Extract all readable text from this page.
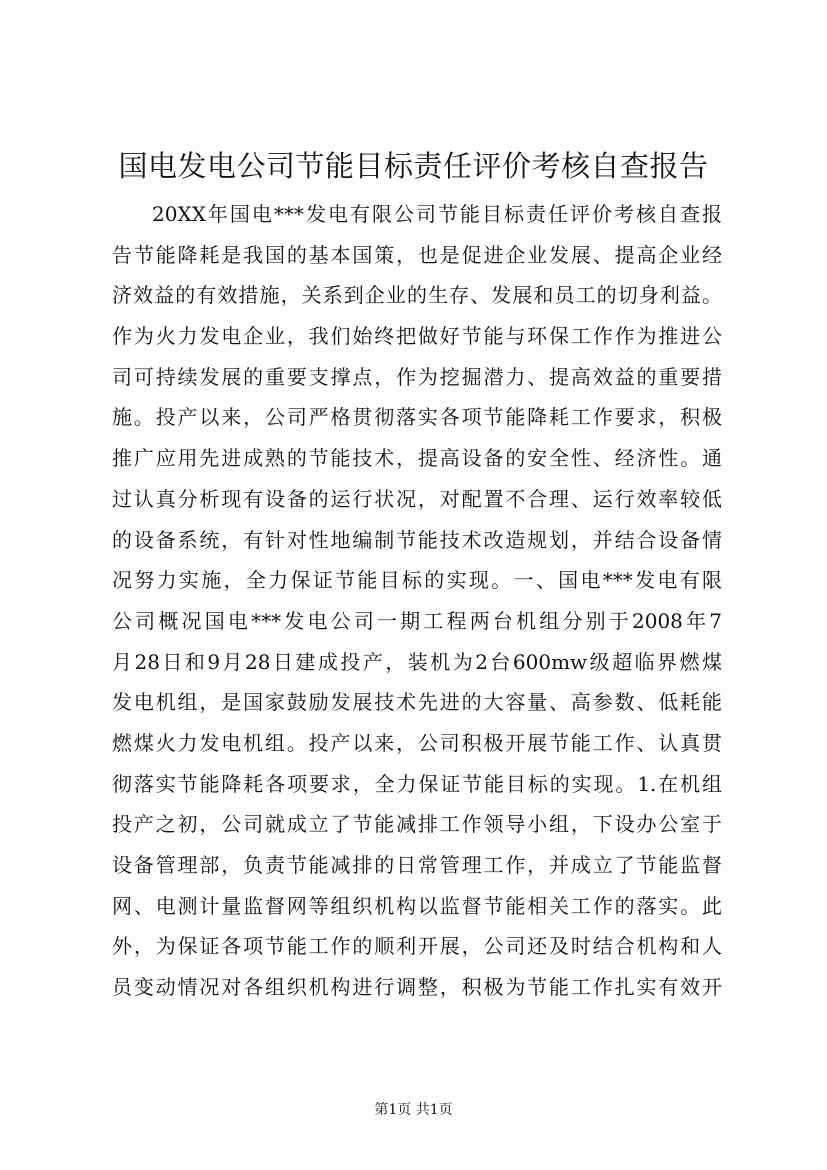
国电发电公司节能目标责任评价考核自查报告
20XX年国电***发电有限公司节能目标责任评价考核自查报
告节能降耗是我国的基本国策，也是促进企业发展、提高企业经
济效益的有效措施，关系到企业的生存、发展和员工的切身利益。
作为火力发电企业，我们始终把做好节能与环保工作作为推进公
司可持续发展的重要支撑点，作为挖掘潜力、提高效益的重要措
施。投产以来，公司严格贯彻落实各项节能降耗工作要求，积极
推广应用先进成熟的节能技术，提高设备的安全性、经济性。通
过认真分析现有设备的运行状况，对配置不合理、运行效率较低
的设备系统，有针对性地编制节能技术改造规划，并结合设备情
况努力实施，全力保证节能目标的实现。一、国电***发电有限
公司概况国电***发电公司一期工程两台机组分别于2008年7
月28日和9月28日建成投产，装机为2台600mw级超临界燃煤
发电机组，是国家鼓励发展技术先进的大容量、高参数、低耗能
燃煤火力发电机组。投产以来，公司积极开展节能工作、认真贯
彻落实节能降耗各项要求，全力保证节能目标的实现。1.在机组
投产之初，公司就成立了节能减排工作领导小组，下设办公室于
设备管理部，负责节能减排的日常管理工作，并成立了节能监督
网、电测计量监督网等组织机构以监督节能相关工作的落实。此
外，为保证各项节能工作的顺利开展，公司还及时结合机构和人
员变动情况对各组织机构进行调整，积极为节能工作扎实有效开
第1页 共1页
